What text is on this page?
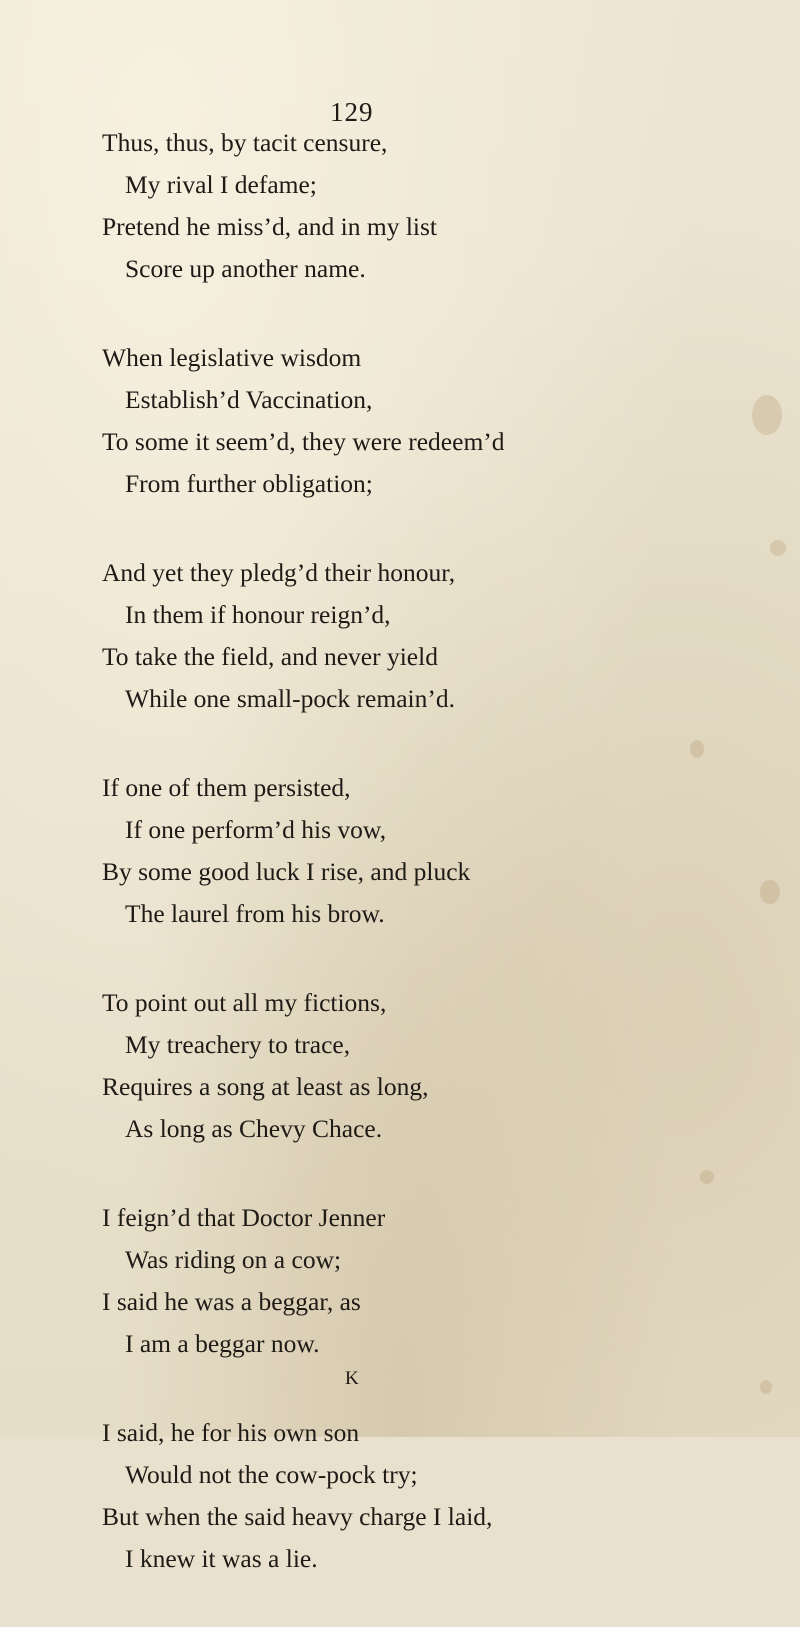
129
Thus, thus, by tacit censure,
My rival I defame;
Pretend he miss’d, and in my list
Score up another name.
When legislative wisdom
Establish’d Vaccination,
To some it seem’d, they were redeem’d
From further obligation;
And yet they pledg’d their honour,
In them if honour reign’d,
To take the field, and never yield
While one small-pock remain’d.
If one of them persisted,
If one perform’d his vow,
By some good luck I rise, and pluck
The laurel from his brow.
To point out all my fictions,
My treachery to trace,
Requires a song at least as long,
As long as Chevy Chace.
I feign’d that Doctor Jenner
Was riding on a cow;
I said he was a beggar, as
I am a beggar now.
I said, he for his own son
Would not the cow-pock try;
But when the said heavy charge I laid,
I knew it was a lie.
K
